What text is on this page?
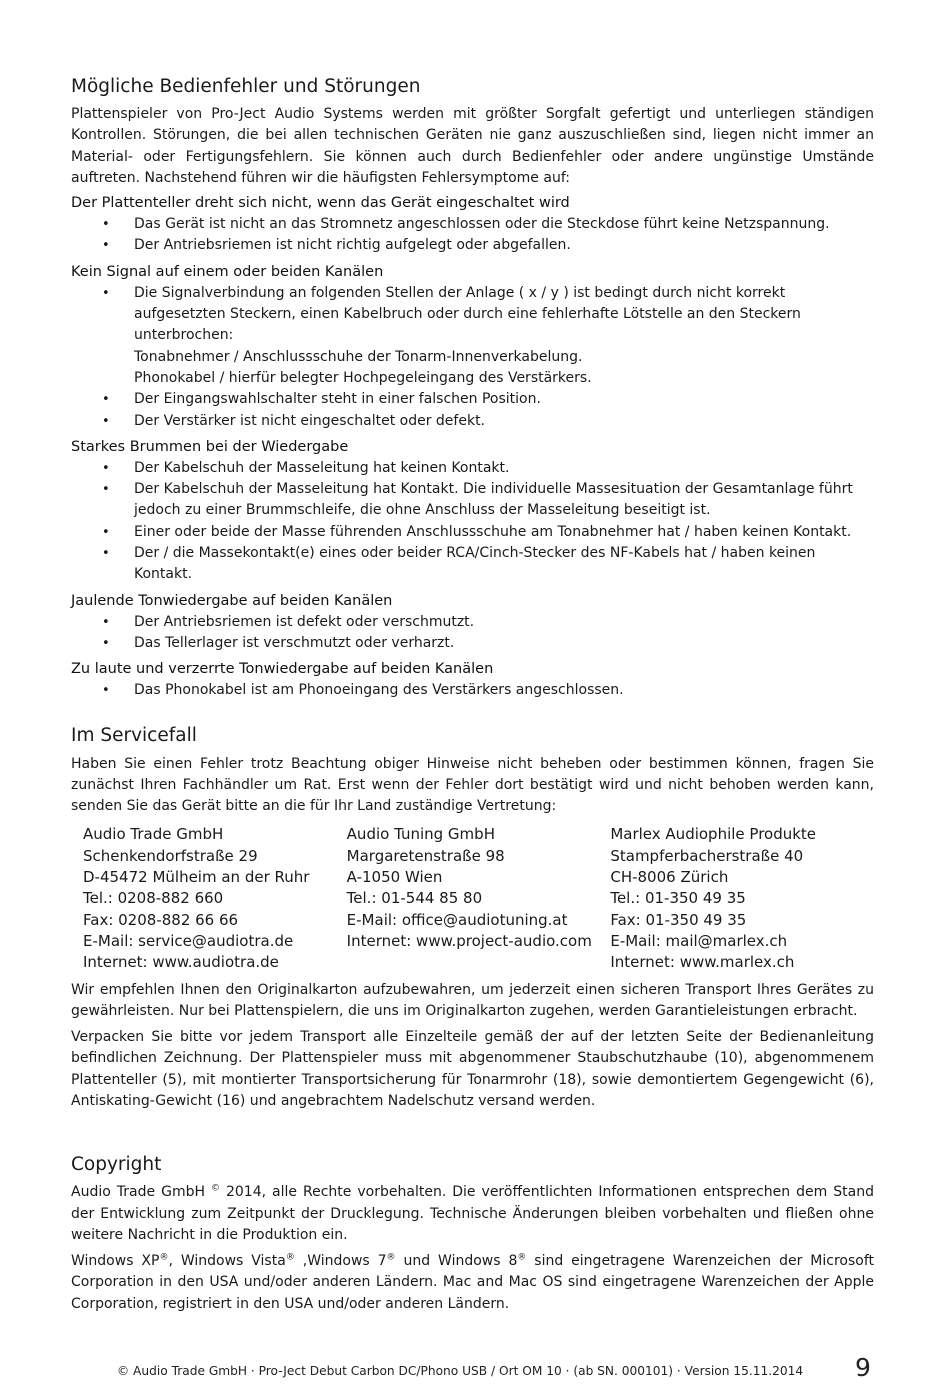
Mögliche Bedienfehler und Störungen

Plattenspieler von Pro-Ject Audio Systems werden mit größter Sorgfalt gefertigt und unterliegen ständigen Kontrollen. Störungen, die bei allen technischen Geräten nie ganz auszuschließen sind, liegen nicht immer an Material- oder Fertigungsfehlern. Sie können auch durch Bedienfehler oder andere ungünstige Umstände auftreten. Nachstehend führen wir die häufigsten Fehlersymptome auf:

Der Plattenteller dreht sich nicht, wenn das Gerät eingeschaltet wird
• Das Gerät ist nicht an das Stromnetz angeschlossen oder die Steckdose führt keine Netzspannung.
• Der Antriebsriemen ist nicht richtig aufgelegt oder abgefallen.
Kein Signal auf einem oder beiden Kanälen
• Die Signalverbindung an folgenden Stellen der Anlage ( x / y ) ist bedingt durch nicht korrekt aufgesetzten Steckern, einen Kabelbruch oder durch eine fehlerhafte Lötstelle an den Steckern unterbrochen:
Tonabnehmer / Anschlussschuhe der Tonarm-Innenverkabelung.
Phonokabel / hierfür belegter Hochpegeleingang des Verstärkers.
• Der Eingangswahlschalter steht in einer falschen Position.
• Der Verstärker ist nicht eingeschaltet oder defekt.
Starkes Brummen bei der Wiedergabe
• Der Kabelschuh der Masseleitung hat keinen Kontakt.
• Der Kabelschuh der Masseleitung hat Kontakt. Die individuelle Massesituation der Gesamtanlage führt jedoch zu einer Brummschleife, die ohne Anschluss der Masseleitung beseitigt ist.
• Einer oder beide der Masse führenden Anschlussschuhe am Tonabnehmer hat / haben keinen Kontakt.
• Der / die Massekontakt(e) eines oder beider RCA/Cinch-Stecker des NF-Kabels hat / haben keinen Kontakt.
Jaulende Tonwiedergabe auf beiden Kanälen
• Der Antriebsriemen ist defekt oder verschmutzt.
• Das Tellerlager ist verschmutzt oder verharzt.
Zu laute und verzerrte Tonwiedergabe auf beiden Kanälen
• Das Phonokabel ist am Phonoeingang des Verstärkers angeschlossen.
Im Servicefall

Haben Sie einen Fehler trotz Beachtung obiger Hinweise nicht beheben oder bestimmen können, fragen Sie zunächst Ihren Fachhändler um Rat. Erst wenn der Fehler dort bestätigt wird und nicht behoben werden kann, senden Sie das Gerät bitte an die für Ihr Land zuständige Vertretung:

Audio Trade GmbH
Schenkendorfstraße 29
D-45472 Mülheim an der Ruhr
Tel.: 0208-882 660
Fax: 0208-882 66 66
E-Mail: service@audiotra.de
Internet: www.audiotra.de
Audio Tuning GmbH
Margaretenstraße 98
A-1050 Wien
Tel.: 01-544 85 80
E-Mail: office@audiotuning.at
Internet: www.project-audio.com
Marlex Audiophile Produkte
Stampferbacherstraße 40
CH-8006 Zürich
Tel.: 01-350 49 35
Fax: 01-350 49 35
E-Mail: mail@marlex.ch
Internet: www.marlex.ch

Wir empfehlen Ihnen den Originalkarton aufzubewahren, um jederzeit einen sicheren Transport Ihres Gerätes zu gewährleisten. Nur bei Plattenspielern, die uns im Originalkarton zugehen, werden Garantieleistungen erbracht.

Verpacken Sie bitte vor jedem Transport alle Einzelteile gemäß der auf der letzten Seite der Bedienanleitung befindlichen Zeichnung. Der Plattenspieler muss mit abgenommener Staubschutzhaube (10), abgenommenem Plattenteller (5), mit montierter Transportsicherung für Tonarmrohr (18), sowie demontiertem Gegengewicht (6), Antiskating-Gewicht (16) und angebrachtem Nadelschutz versand werden.

Copyright

Audio Trade GmbH © 2014, alle Rechte vorbehalten. Die veröffentlichten Informationen entsprechen dem Stand der Entwicklung zum Zeitpunkt der Drucklegung. Technische Änderungen bleiben vorbehalten und fließen ohne weitere Nachricht in die Produktion ein.

Windows XP®, Windows Vista® ,Windows 7® und Windows 8® sind eingetragene Warenzeichen der Microsoft Corporation in den USA und/oder anderen Ländern. Mac and Mac OS sind eingetragene Warenzeichen der Apple Corporation, registriert in den USA und/oder anderen Ländern.

© Audio Trade GmbH · Pro-Ject Debut Carbon DC/Phono USB / Ort OM 10 · (ab SN. 000101) · Version 15.11.2014 9
